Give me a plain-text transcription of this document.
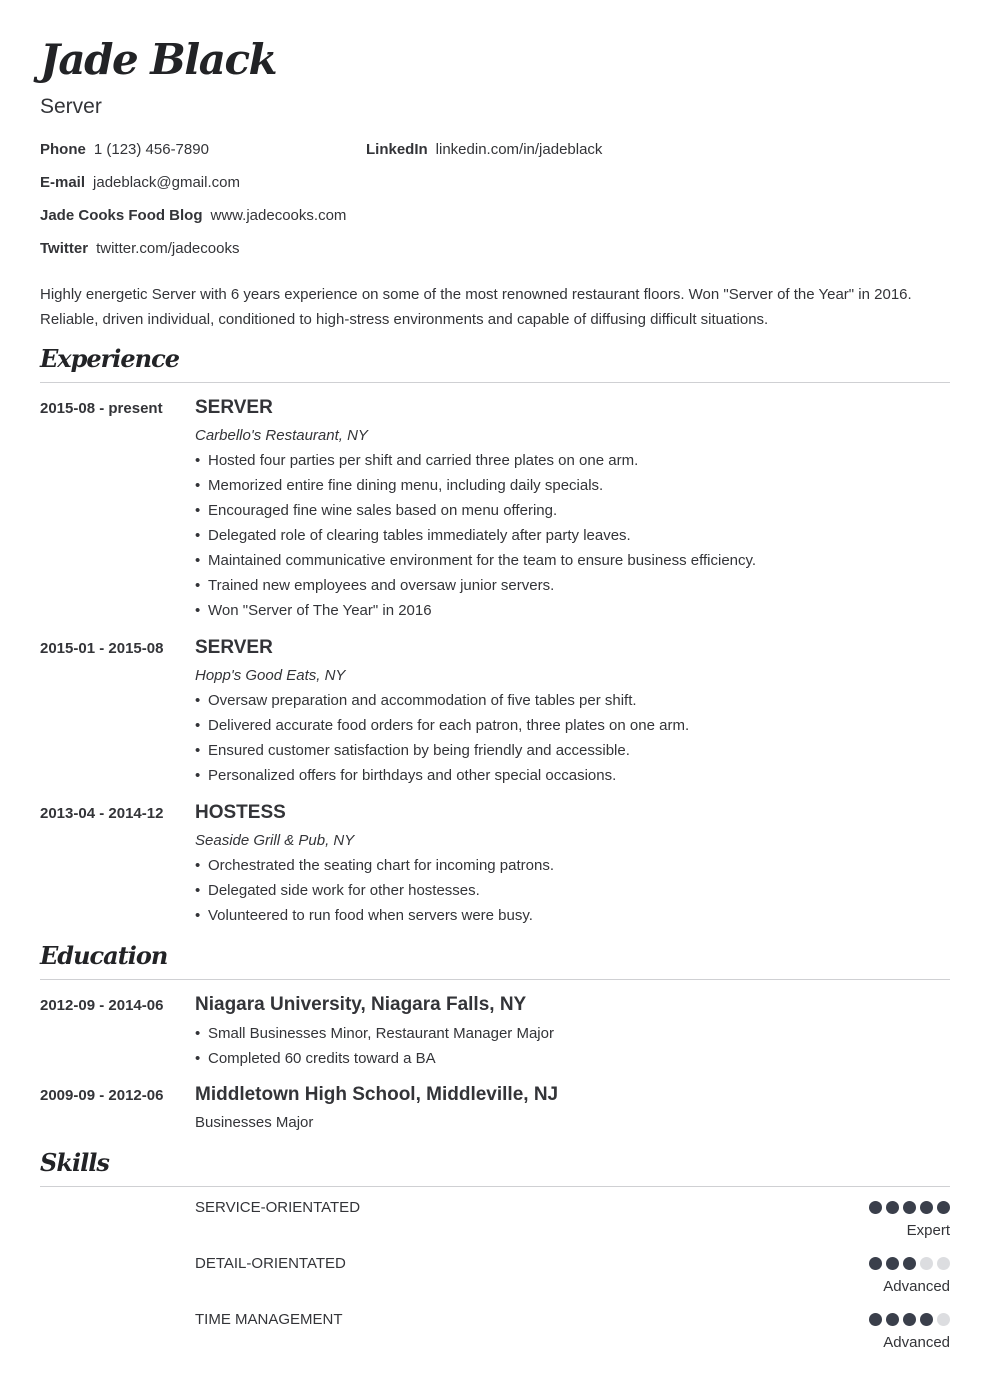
Jade Black
Server
Phone 1 (123) 456-7890	LinkedIn linkedin.com/in/jadeblack
E-mail jadeblack@gmail.com
Jade Cooks Food Blog www.jadecooks.com
Twitter twitter.com/jadecooks

Highly energetic Server with 6 years experience on some of the most renowned restaurant floors. Won "Server of the Year" in 2016. Reliable, driven individual, conditioned to high-stress environments and capable of diffusing difficult situations.

Experience
2015-08 - present SERVER
Carbello's Restaurant, NY
• Hosted four parties per shift and carried three plates on one arm.
• Memorized entire fine dining menu, including daily specials.
• Encouraged fine wine sales based on menu offering.
• Delegated role of clearing tables immediately after party leaves.
• Maintained communicative environment for the team to ensure business efficiency.
• Trained new employees and oversaw junior servers.
• Won "Server of The Year" in 2016
2015-01 - 2015-08 SERVER
Hopp's Good Eats, NY
• Oversaw preparation and accommodation of five tables per shift.
• Delivered accurate food orders for each patron, three plates on one arm.
• Ensured customer satisfaction by being friendly and accessible.
• Personalized offers for birthdays and other special occasions.
2013-04 - 2014-12 HOSTESS
Seaside Grill & Pub, NY
• Orchestrated the seating chart for incoming patrons.
• Delegated side work for other hostesses.
• Volunteered to run food when servers were busy.
Education
2012-09 - 2014-06 Niagara University, Niagara Falls, NY
• Small Businesses Minor, Restaurant Manager Major
• Completed 60 credits toward a BA
2009-09 - 2012-06 Middletown High School, Middleville, NJ
Businesses Major
Skills
SERVICE-ORIENTATED
Expert
DETAIL-ORIENTATED
Advanced
TIME MANAGEMENT
Advanced
